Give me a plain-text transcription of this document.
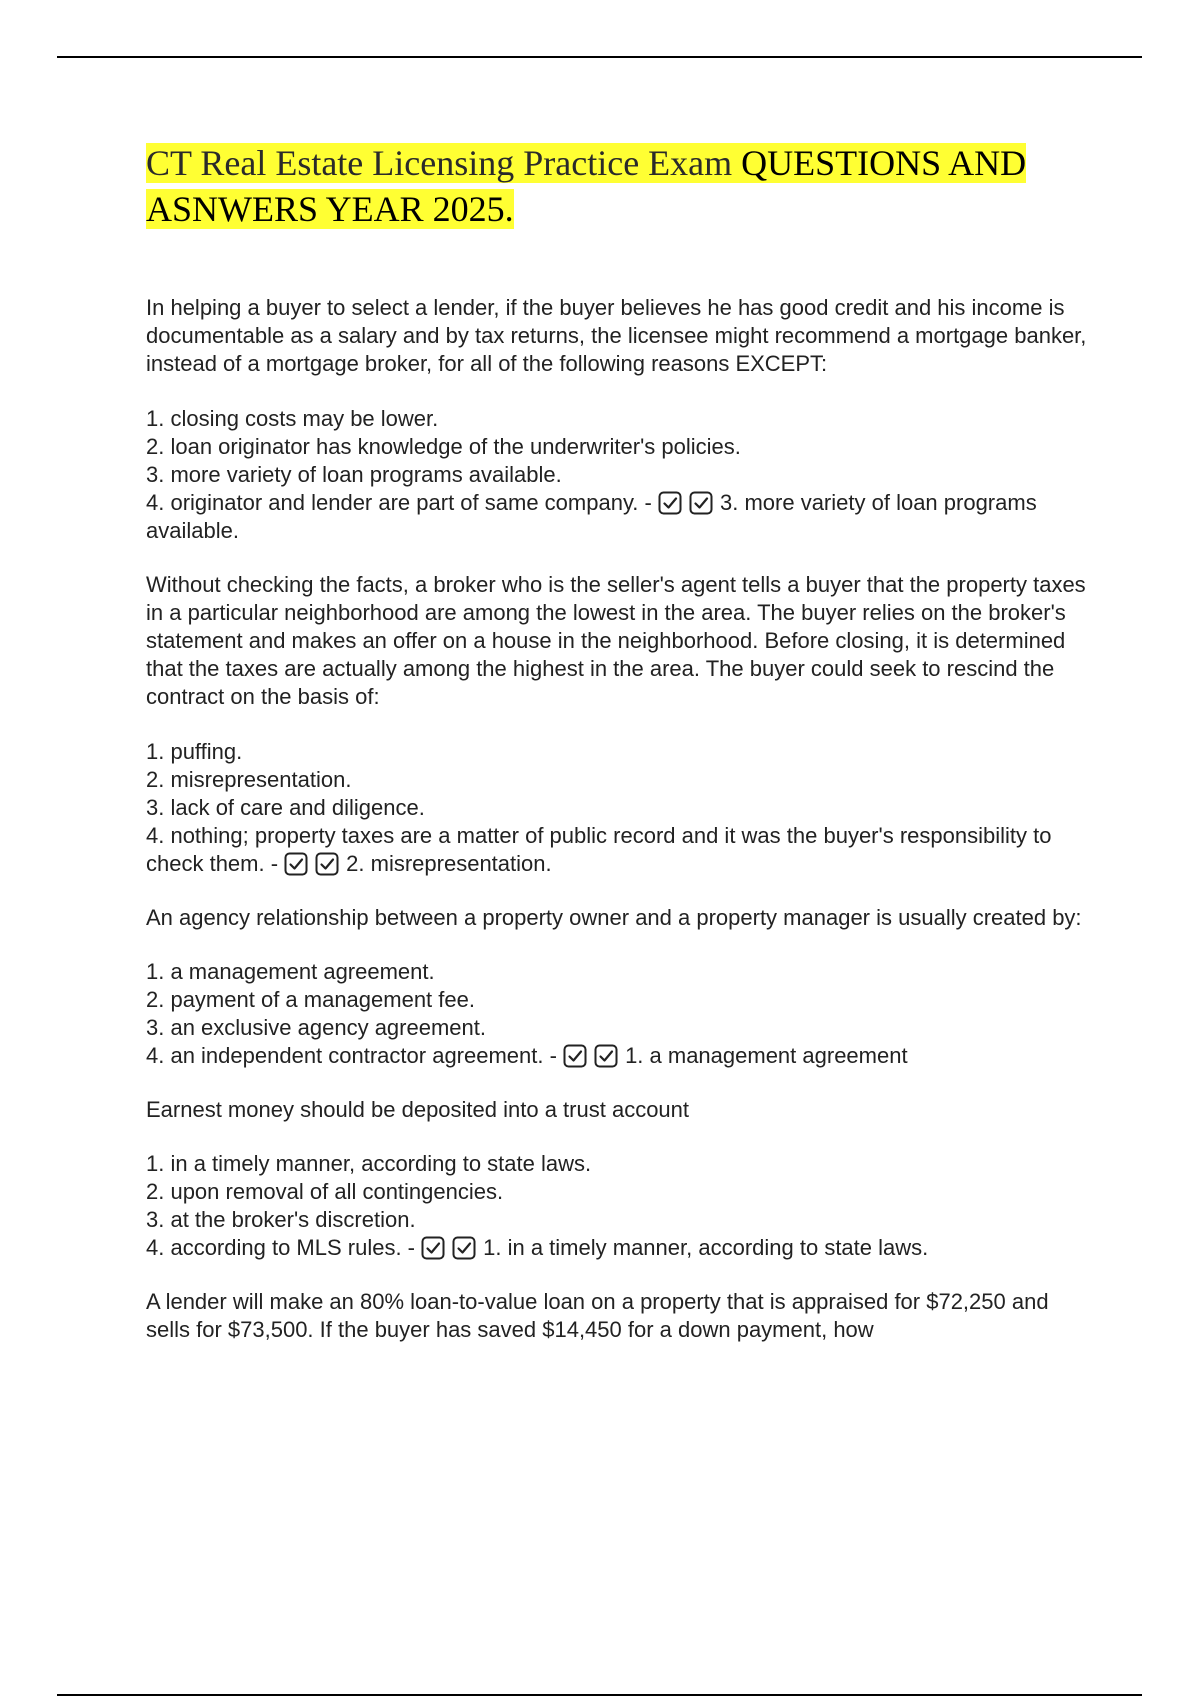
CT Real Estate Licensing Practice Exam QUESTIONS AND ASNWERS YEAR 2025.

In helping a buyer to select a lender, if the buyer believes he has good credit and his income is documentable as a salary and by tax returns, the licensee might recommend a mortgage banker, instead of a mortgage broker, for all of the following reasons EXCEPT:

1. closing costs may be lower.

2. loan originator has knowledge of the underwriter's policies.

3. more variety of loan programs available.

4. originator and lender are part of same company. -	3. more variety of loan programs available.

Without checking the facts, a broker who is the seller's agent tells a buyer that the property taxes in a particular neighborhood are among the lowest in the area. The buyer relies on the broker's statement and makes an offer on a house in the neighborhood. Before closing, it is determined that the taxes are actually among the highest in the area. The buyer could seek to rescind the contract on the basis of:

1. puffing.

2. misrepresentation.

3. lack of care and diligence.

4. nothing; property taxes are a matter of public record and it was the buyer's responsibility to check them. -	2. misrepresentation.

An agency relationship between a property owner and a property manager is usually created by:

1. a management agreement.

2. payment of a management fee.

3. an exclusive agency agreement.

4. an independent contractor agreement. -	1. a management agreement

Earnest money should be deposited into a trust account

1. in a timely manner, according to state laws.

2. upon removal of all contingencies.

3. at the broker's discretion.

4. according to MLS rules. -	1. in a timely manner, according to state laws.

A lender will make an 80% loan-to-value loan on a property that is appraised for $72,250 and sells for $73,500. If the buyer has saved $14,450 for a down payment, how
